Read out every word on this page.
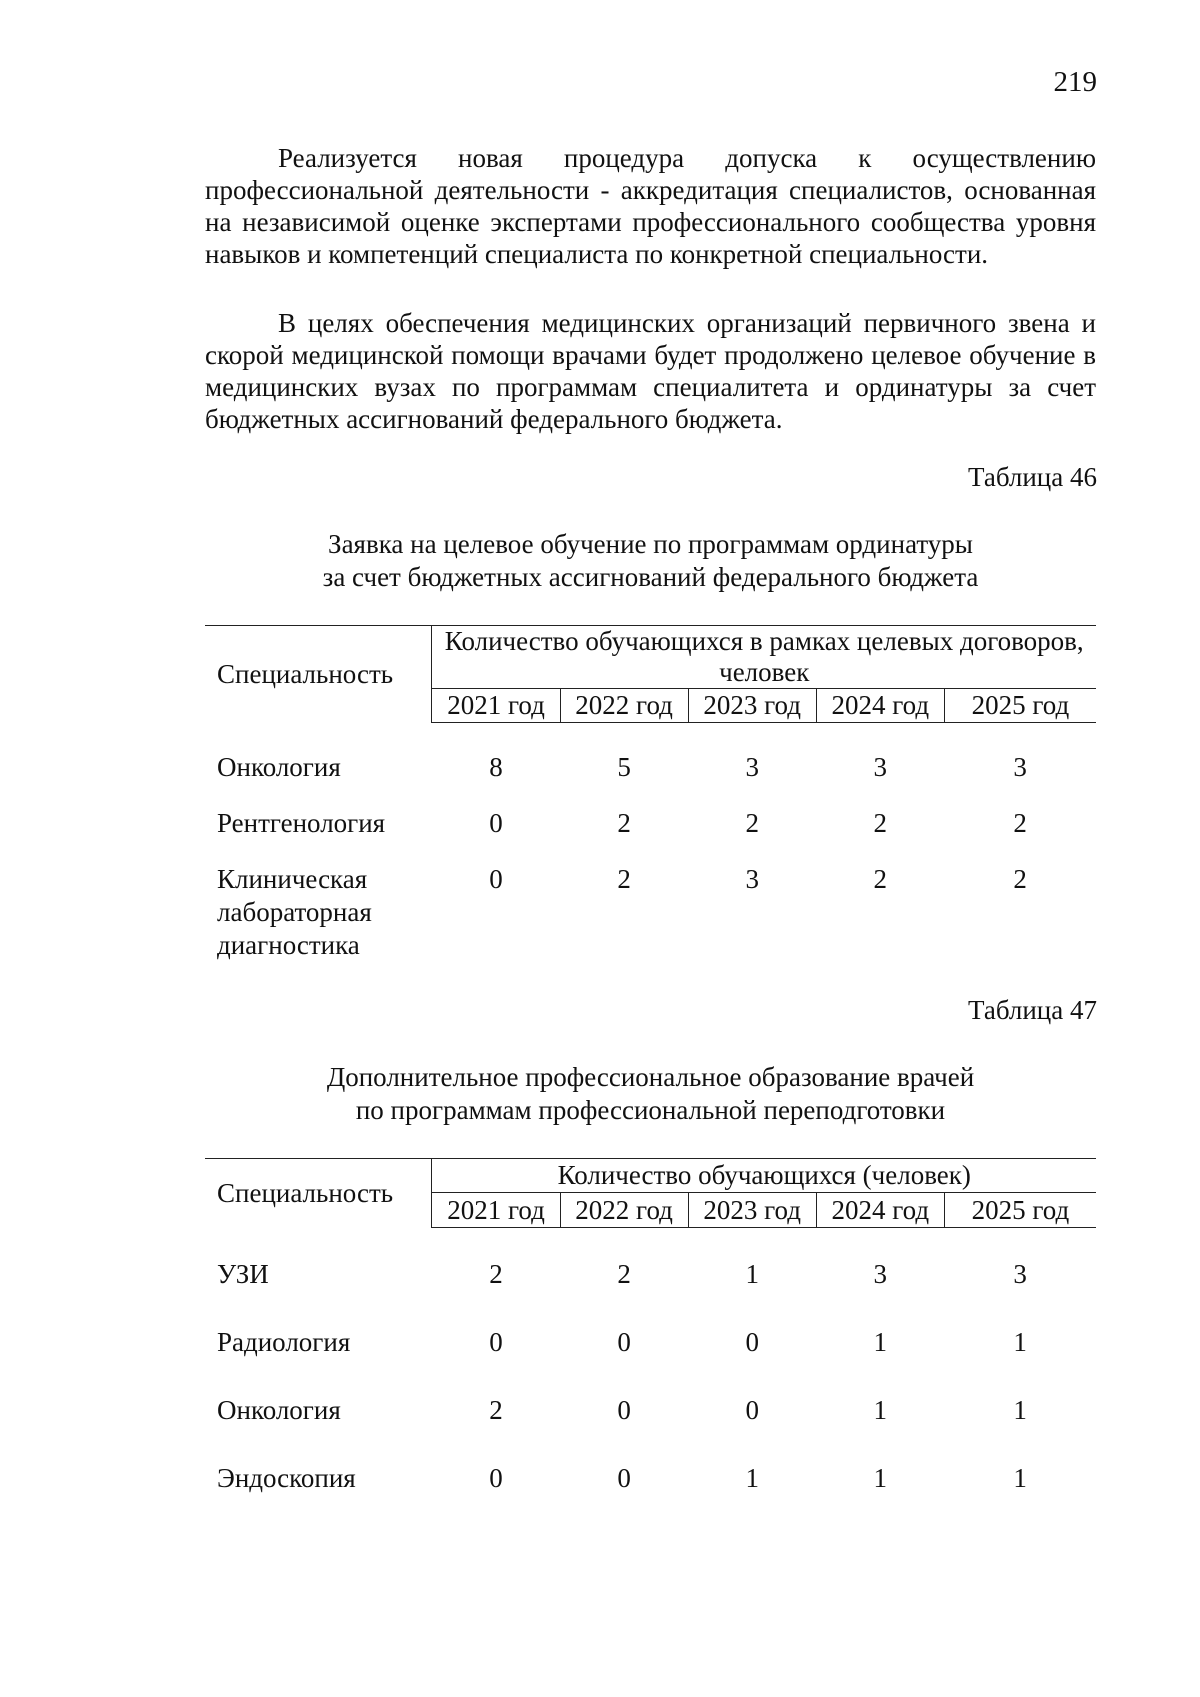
219

Реализуется новая процедура допуска к осуществлению профессиональной деятельности - аккредитация специалистов, основанная на независимой оценке экспертами профессионального сообщества уровня навыков и компетенций специалиста по конкретной специальности.

В целях обеспечения медицинских организаций первичного звена и скорой медицинской помощи врачами будет продолжено целевое обучение в медицинских вузах по программам специалитета и ординатуры за счет бюджетных ассигнований федерального бюджета.

Таблица 46
Заявка на целевое обучение по программам ординатуры
за счет бюджетных ассигнований федерального бюджета
Специальность	Количество обучающихся в рамках целевых договоров, человек				
	2021 год	2022 год	2023 год	2024 год	2025 год
Онкология	8	5	3	3	3
Рентгенология	0	2	2	2	2
Клиническая лабораторная диагностика	0	2	3	2	2
Таблица 47
Дополнительное профессиональное образование врачей
по программам профессиональной переподготовки
Специальность	Количество обучающихся (человек)				
	2021 год	2022 год	2023 год	2024 год	2025 год
УЗИ	2	2	1	3	3
Радиология	0	0	0	1	1
Онкология	2	0	0	1	1
Эндоскопия	0	0	1	1	1
